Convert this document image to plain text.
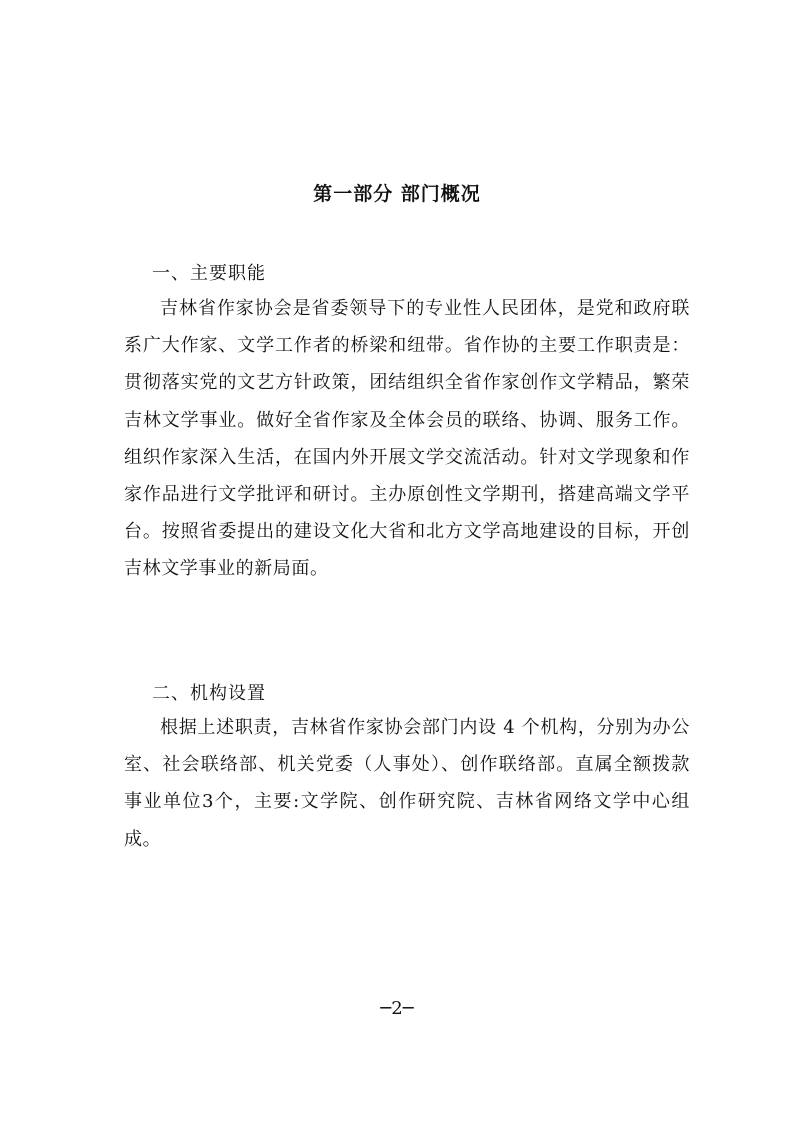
第一部分 部门概况
一、主要职能
吉林省作家协会是省委领导下的专业性人民团体，是党和政府联系广大作家、文学工作者的桥梁和纽带。省作协的主要工作职责是：贯彻落实党的文艺方针政策，团结组织全省作家创作文学精品，繁荣吉林文学事业。做好全省作家及全体会员的联络、协调、服务工作。组织作家深入生活，在国内外开展文学交流活动。针对文学现象和作家作品进行文学批评和研讨。主办原创性文学期刊，搭建高端文学平台。按照省委提出的建设文化大省和北方文学高地建设的目标，开创吉林文学事业的新局面。
二、机构设置
根据上述职责，吉林省作家协会部门内设 4 个机构，分别为办公室、社会联络部、机关党委（人事处）、创作联络部。直属全额拨款事业单位3个，主要:文学院、创作研究院、吉林省网络文学中心组成。
─2─
